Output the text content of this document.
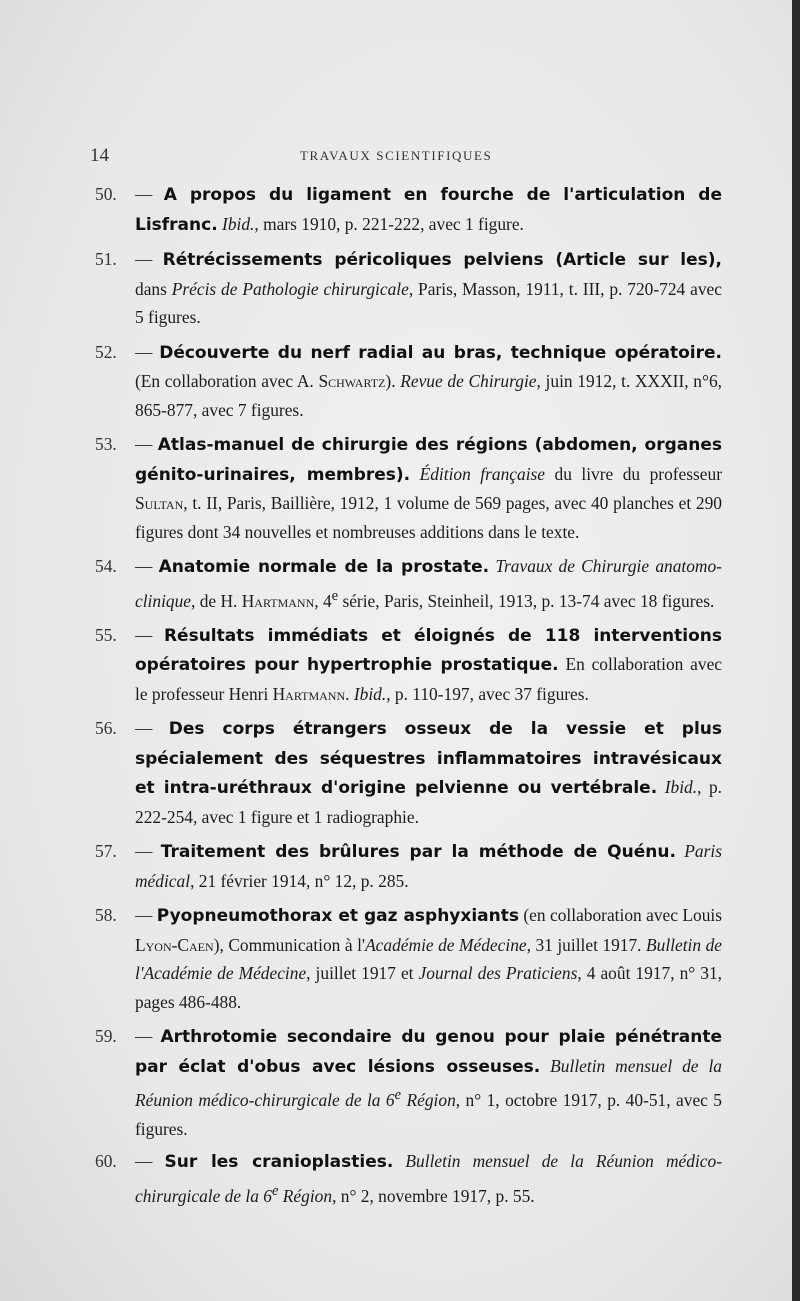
14	TRAVAUX SCIENTIFIQUES
50. — A propos du ligament en fourche de l'articulation de Lisfranc. Ibid., mars 1910, p. 221-222, avec 1 figure.
51. — Rétrécissements péricoliques pelviens (Article sur les), dans Précis de Pathologie chirurgicale, Paris, Masson, 1911, t. III, p. 720-724 avec 5 figures.
52. — Découverte du nerf radial au bras, technique opératoire. (En collaboration avec A. Schwartz). Revue de Chirurgie, juin 1912, t. XXXII, n°6, 865-877, avec 7 figures.
53. — Atlas-manuel de chirurgie des régions (abdomen, organes génito-urinaires, membres). Édition française du livre du professeur Sultan, t. II, Paris, Baillière, 1912, 1 volume de 569 pages, avec 40 planches et 290 figures dont 34 nouvelles et nombreuses additions dans le texte.
54. — Anatomie normale de la prostate. Travaux de Chirurgie anatomo-clinique, de H. Hartmann, 4e série, Paris, Steinheil, 1913, p. 13-74 avec 18 figures.
55. — Résultats immédiats et éloignés de 118 interventions opératoires pour hypertrophie prostatique. En collaboration avec le professeur Henri Hartmann. Ibid., p. 110-197, avec 37 figures.
56. — Des corps étrangers osseux de la vessie et plus spécialement des séquestres inflammatoires intravésicaux et intra-uréthraux d'origine pelvienne ou vertébrale. Ibid., p. 222-254, avec 1 figure et 1 radiographie.
57. — Traitement des brûlures par la méthode de Quénu. Paris médical, 21 février 1914, n° 12, p. 285.
58. — Pyopneumothorax et gaz asphyxiants (en collaboration avec Louis Lyon-Caen), Communication à l'Académie de Médecine, 31 juillet 1917. Bulletin de l'Académie de Médecine, juillet 1917 et Journal des Praticiens, 4 août 1917, n° 31, pages 486-488.
59. — Arthrotomie secondaire du genou pour plaie pénétrante par éclat d'obus avec lésions osseuses. Bulletin mensuel de la Réunion médico-chirurgicale de la 6e Région, n° 1, octobre 1917, p. 40-51, avec 5 figures.
60. — Sur les cranioplasties. Bulletin mensuel de la Réunion médico-chirurgicale de la 6e Région, n° 2, novembre 1917, p. 55.
